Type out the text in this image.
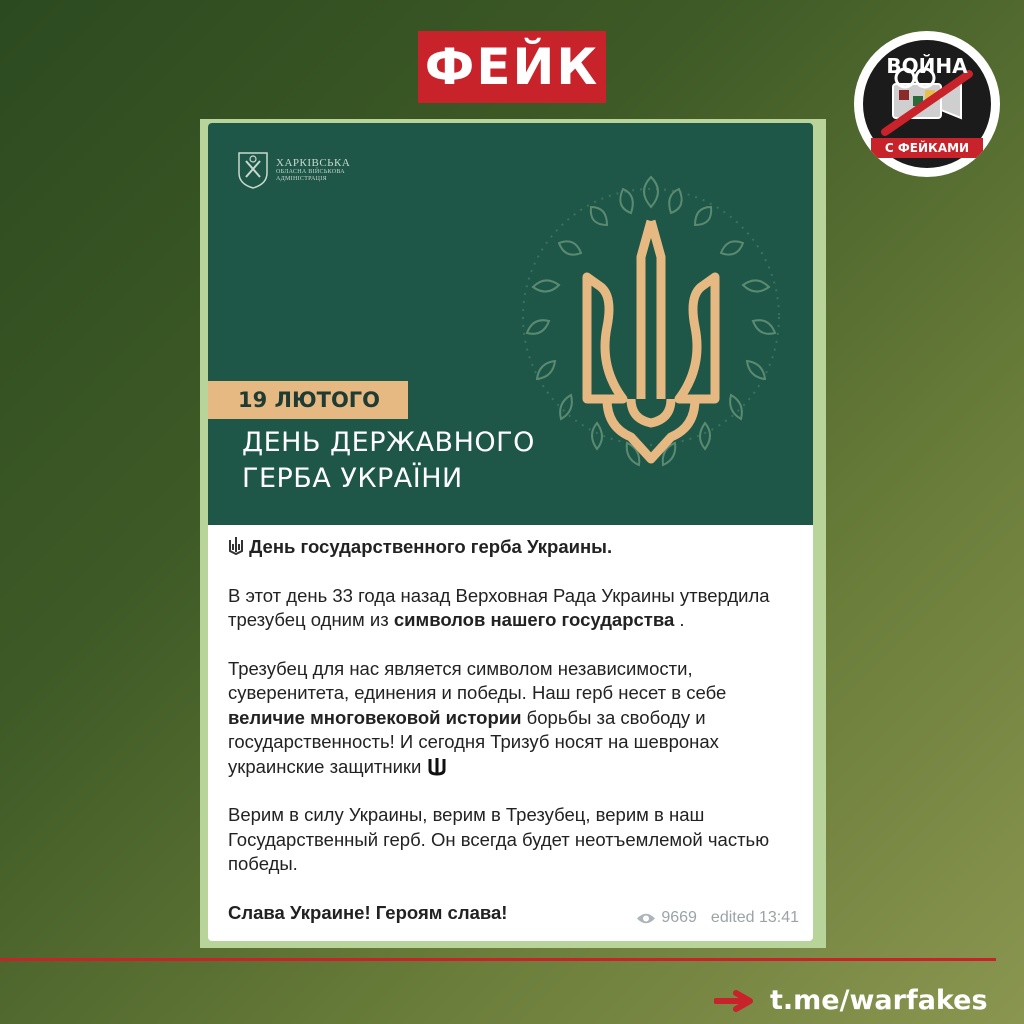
ФЕЙК	ВОЙНА
С ФЕЙКАМИ
ХАРКІВСЬКА
ОБЛАСНА ВІЙСЬКОВА
АДМІНІСТРАЦІЯ
19 ЛЮТОГО
ДЕНЬ ДЕРЖАВНОГО
ГЕРБА УКРАЇНИ

День государственного герба Украины.

В этот день 33 года назад Верховная Рада Украины утвердила трезубец одним из символов нашего государства .

Трезубец для нас является символом независимости, суверенитета, единения и победы. Наш герб несет в себе величие многовековой истории борьбы за свободу и государственность! И сегодня Тризуб носят на шевронах украинские защитники

Верим в силу Украины, верим в Трезубец, верим в наш Государственный герб. Он всегда будет неотъемлемой частью победы.

Слава Украине! Героям слава!	9669 edited 13:41
t.me/warfakes
